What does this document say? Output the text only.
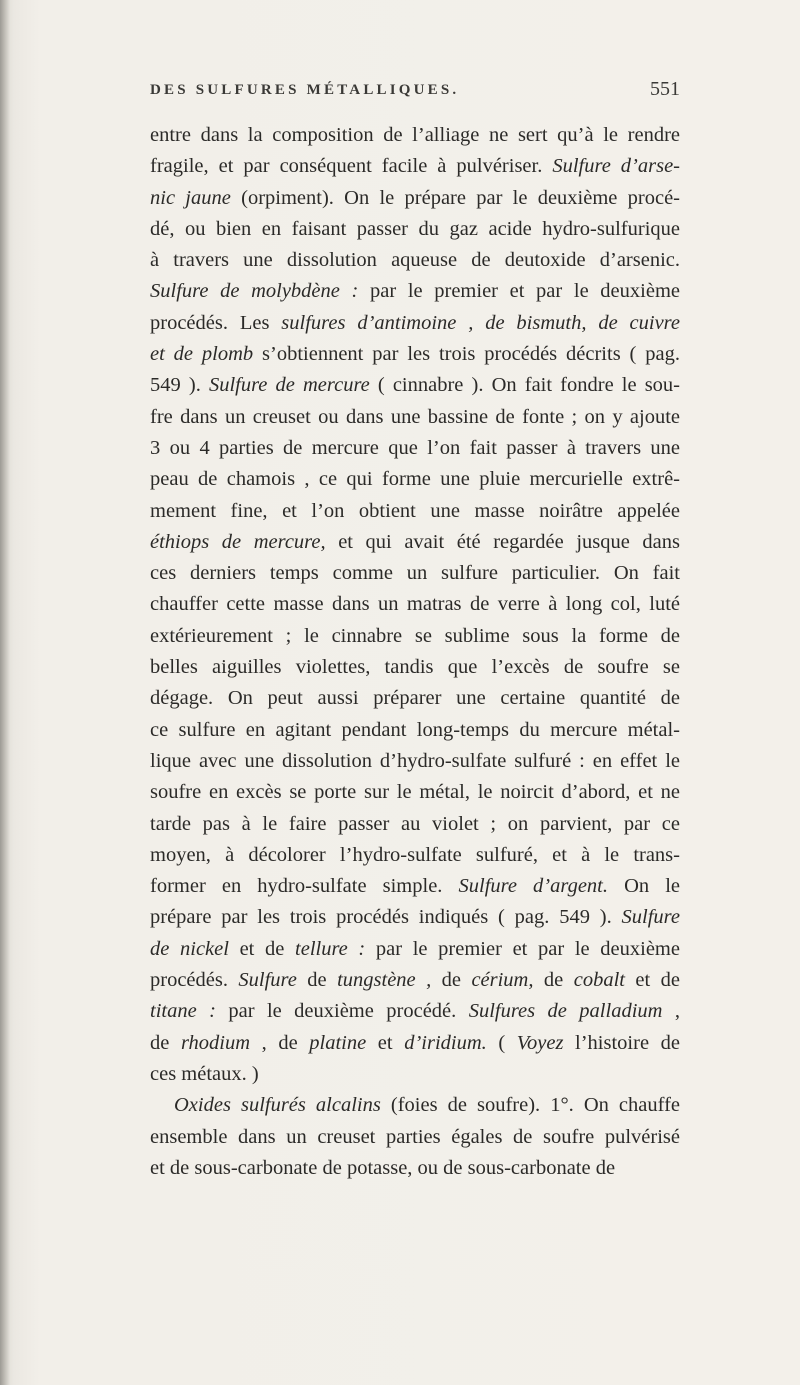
DES SULFURES MÉTALLIQUES.	551
entre dans la composition de l’alliage ne sert qu’à le rendre
fragile, et par conséquent facile à pulvériser. Sulfure d’arse-
nic jaune (orpiment). On le prépare par le deuxième procé-
dé, ou bien en faisant passer du gaz acide hydro-sulfurique
à travers une dissolution aqueuse de deutoxide d’arsenic.
Sulfure de molybdène : par le premier et par le deuxième
procédés. Les sulfures d’antimoine , de bismuth, de cuivre
et de plomb s’obtiennent par les trois procédés décrits ( pag.
549 ). Sulfure de mercure ( cinnabre ). On fait fondre le sou-
fre dans un creuset ou dans une bassine de fonte ; on y ajoute
3 ou 4 parties de mercure que l’on fait passer à travers une
peau de chamois , ce qui forme une pluie mercurielle extrê-
mement fine, et l’on obtient une masse noirâtre appelée
éthiops de mercure, et qui avait été regardée jusque dans
ces derniers temps comme un sulfure particulier. On fait
chauffer cette masse dans un matras de verre à long col, luté
extérieurement ; le cinnabre se sublime sous la forme de
belles aiguilles violettes, tandis que l’excès de soufre se
dégage. On peut aussi préparer une certaine quantité de
ce sulfure en agitant pendant long-temps du mercure métal-
lique avec une dissolution d’hydro-sulfate sulfuré : en effet le
soufre en excès se porte sur le métal, le noircit d’abord, et ne
tarde pas à le faire passer au violet ; on parvient, par ce
moyen, à décolorer l’hydro-sulfate sulfuré, et à le trans-
former en hydro-sulfate simple. Sulfure d’argent. On le
prépare par les trois procédés indiqués ( pag. 549 ). Sulfure
de nickel et de tellure : par le premier et par le deuxième
procédés. Sulfure de tungstène , de cérium, de cobalt et de
titane : par le deuxième procédé. Sulfures de palladium ,
de rhodium , de platine et d’iridium. ( Voyez l’histoire de
ces métaux. )
Oxides sulfurés alcalins (foies de soufre). 1°. On chauffe
ensemble dans un creuset parties égales de soufre pulvérisé
et de sous-carbonate de potasse, ou de sous-carbonate de
